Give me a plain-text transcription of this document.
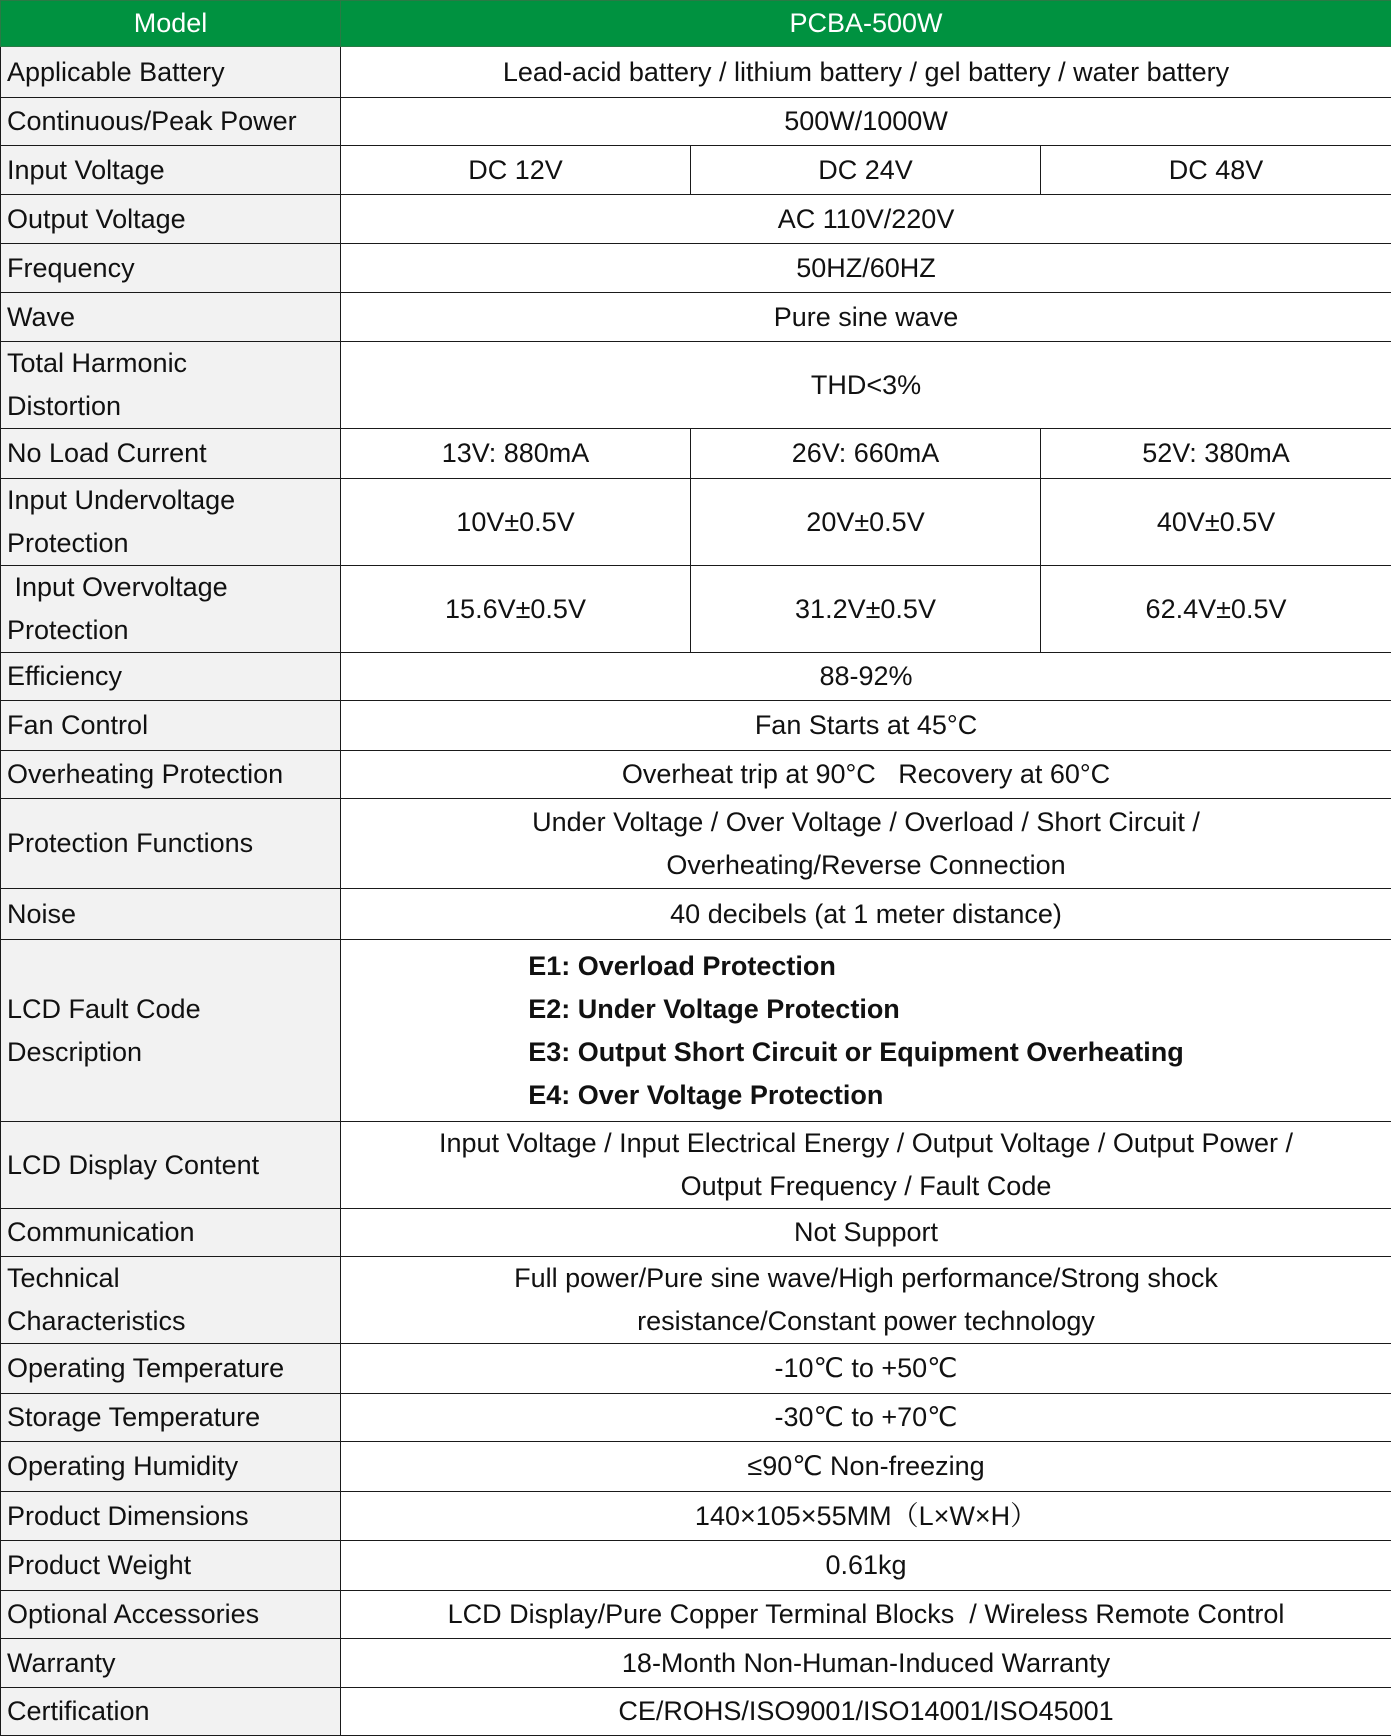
Model	PCBA-500W		
Applicable Battery	Lead-acid battery / lithium battery / gel battery / water battery		
Continuous/Peak Power	500W/1000W		
Input Voltage	DC 12V	DC 24V	DC 48V
Output Voltage	AC 110V/220V		
Frequency	50HZ/60HZ		
Wave	Pure sine wave		

Total Harmonic
Distortion	THD<3%		
No Load Current	13V: 880mA	26V: 660mA	52V: 380mA

Input Undervoltage
Protection	10V±0.5V	20V±0.5V	40V±0.5V

Input Overvoltage
Protection	15.6V±0.5V	31.2V±0.5V	62.4V±0.5V
Efficiency	88-92%		
Fan Control	Fan Starts at 45°C		
Overheating Protection	Overheat trip at 90°C   Recovery at 60°C		
Protection Functions	Under Voltage / Over Voltage / Overload / Short Circuit /
Overheating/Reverse Connection		

Noise	40 decibels (at 1 meter distance)		

LCD Fault Code
Description	E1: Overload Protection
E2: Under Voltage Protection
E3: Output Short Circuit or Equipment Overheating
E4: Over Voltage Protection		

LCD Display Content	Input Voltage / Input Electrical Energy / Output Voltage / Output Power /
Output Frequency / Fault Code		

Communication	Not Support		

Technical
Characteristics	Full power/Pure sine wave/High performance/Strong shock
resistance/Constant power technology		

Operating Temperature	-10℃ to +50℃		
Storage Temperature	-30℃ to +70℃		
Operating Humidity	≤90℃ Non-freezing		
Product Dimensions	140×105×55MM（L×W×H）		
Product Weight	0.61kg		
Optional Accessories	LCD Display/Pure Copper Terminal Blocks  / Wireless Remote Control		
Warranty	18-Month Non-Human-Induced Warranty		
Certification	CE/ROHS/ISO9001/ISO14001/ISO45001		
